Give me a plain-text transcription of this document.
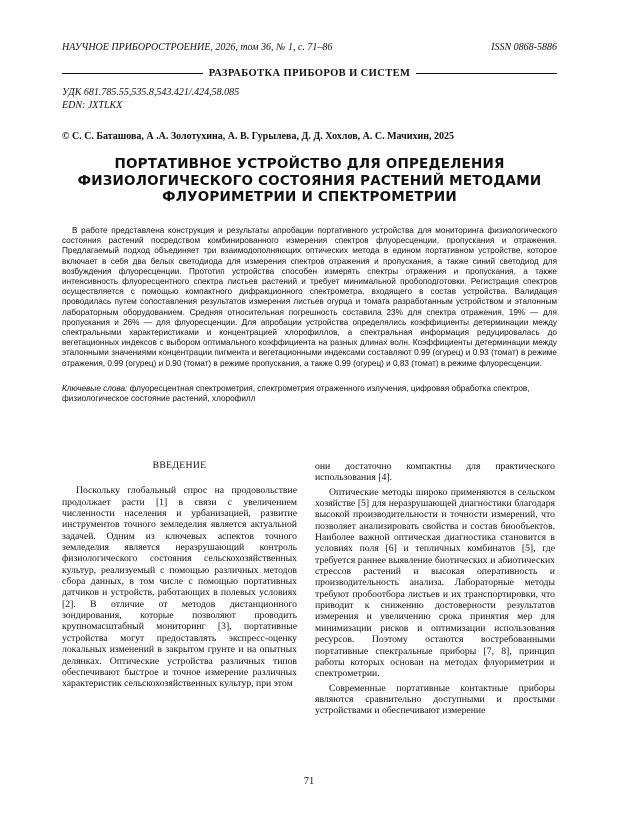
НАУЧНОЕ ПРИБОРОСТРОЕНИЕ, 2026, том 36, № 1, с. 71–86	ISSN 0868-5886
РАЗРАБОТКА ПРИБОРОВ И СИСТЕМ
УДК 681.785.55,535.8,543.421/.424,58.085
EDN: JXTLKX
© С. С. Баташова, А .А. Золотухина, А. В. Гурылева, Д. Д. Хохлов, А. С. Мачихин, 2025
ПОРТАТИВНОЕ УСТРОЙСТВО ДЛЯ ОПРЕДЕЛЕНИЯ
ФИЗИОЛОГИЧЕСКОГО СОСТОЯНИЯ РАСТЕНИЙ МЕТОДАМИ
ФЛУОРИМЕТРИИ И СПЕКТРОМЕТРИИ
В работе представлена конструкция и результаты апробации портативного устройства для мониторинга физиологического состояния растений посредством комбинированного измерения спектров флуоресценции, пропускания и отражения. Предлагаемый подход объединяет три взаимодополняющих оптических метода в едином портативном устройстве, которое включает в себя два белых светодиода для измерения спектров отражения и пропускания, а также синий светодиод для возбуждения флуоресценции. Прототип устройства способен измерять спектры отражения и пропускания, а также интенсивность флуоресцентного спектра листьев растений и требует минимальной пробоподготовки. Регистрация спектров осуществляется с помощью компактного дифракционного спектрометра, входящего в состав устройства. Валидация проводилась путем сопоставления результатов измерения листьев огурца и томата разработанным устройством и эталонным лабораторным оборудованием. Средняя относительная погрешность составила 23% для спектра отражения, 19% — для пропускания и 26% — для флуоресценции. Для апробации устройства определялись коэффициенты детерминации между спектральными характеристиками и концентрацией хлорофиллов, а спектральная информация редуцировалась до вегетационных индексов с выбором оптимального коэффициента на разных длинах волн. Коэффициенты детерминации между эталонными значениями концентрации пигмента и вегетационными индексами составляют 0.99 (огурец) и 0.93 (томат) в режиме отражения, 0.99 (огурец) и 0.90 (томат) в режиме пропускания, а также 0.99 (огурец) и 0,83 (томат) в режиме флуоресценции.
Ключевые слова: флуоресцентная спектрометрия, спектрометрия отраженного излучения, цифровая обработка спектров, физиологическое состояние растений, хлорофилл
ВВЕДЕНИЕ

Поскольку глобальный спрос на продовольствие продолжает расти [1] в связи с увеличением численности населения и урбанизацией, развитие инструментов точного земледелия является актуальной задачей. Одним из ключевых аспектов точного земледелия является неразрушающий контроль физиологического состояния сельскохозяйственных культур, реализуемый с помощью различных методов сбора данных, в том числе с помощью портативных датчиков и устройств, работающих в полевых условиях [2]. В отличие от методов дистанционного зондирования, которые позволяют проводить крупномасштабный мониторинг [3], портативные устройства могут предоставлять экспресс-оценку локальных изменений в закрытом грунте и на опытных делянках. Оптические устройства различных типов обеспечивают быстрое и точное измерение различных характеристик сельскохозяйственных культур, при этом

они достаточно компактны для практического использования [4].

Оптические методы широко применяются в сельском хозяйстве [5] для неразрушающей диагностики благодаря высокой производительности и точности измерений, что позволяет анализировать свойства и состав биообъектов. Наиболее важной оптическая диагностика становится в условиях поля [6] и тепличных комбинатов [5], где требуется раннее выявление биотических и абиотических стрессов растений и высокая оперативность и производительность анализа. Лабораторные методы требуют пробоотбора листьев и их транспортировки, что приводит к снижению достоверности результатов измерения и увеличению срока принятия мер для минимизации рисков и оптимизации использования ресурсов. Поэтому остаются востребованными портативные спектральные приборы [7, 8], принцип работы которых основан на методах флуориметрии и спектрометрии.

Современные портативные контактные приборы являются сравнительно доступными и простыми устройствами и обеспечивают измерение

71
